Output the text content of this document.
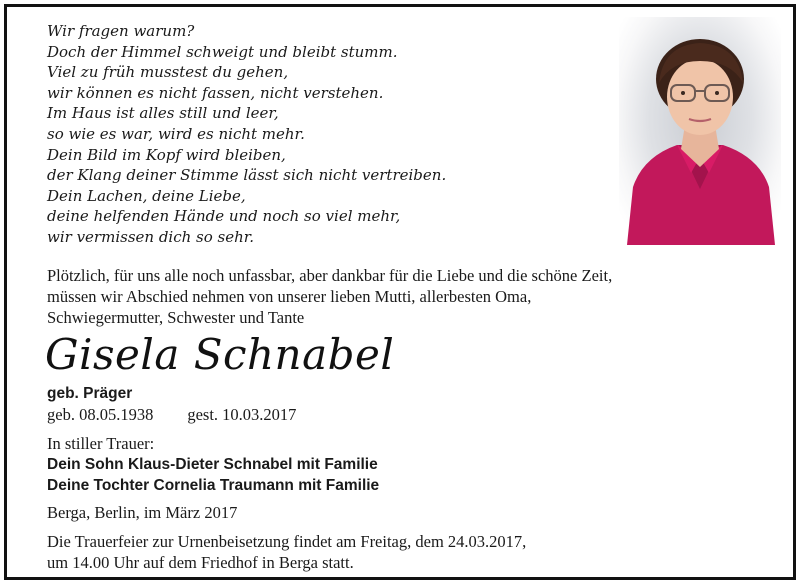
Wir fragen warum?
Doch der Himmel schweigt und bleibt stumm.
Viel zu früh musstest du gehen,
wir können es nicht fassen, nicht verstehen.
Im Haus ist alles still und leer,
so wie es war, wird es nicht mehr.
Dein Bild im Kopf wird bleiben,
der Klang deiner Stimme lässt sich nicht vertreiben.
Dein Lachen, deine Liebe,
deine helfenden Hände und noch so viel mehr,
wir vermissen dich so sehr.
Plötzlich, für uns alle noch unfassbar, aber dankbar für die Liebe und die schöne Zeit,
müssen wir Abschied nehmen von unserer lieben Mutti, allerbesten Oma,
Schwiegermutter, Schwester und Tante
Gisela Schnabel
geb. Präger
geb. 08.05.1938 gest. 10.03.2017
In stiller Trauer:
Dein Sohn Klaus-Dieter Schnabel mit Familie
Deine Tochter Cornelia Traumann mit Familie
Berga, Berlin, im März 2017
Die Trauerfeier zur Urnenbeisetzung findet am Freitag, dem 24.03.2017,
um 14.00 Uhr auf dem Friedhof in Berga statt.
